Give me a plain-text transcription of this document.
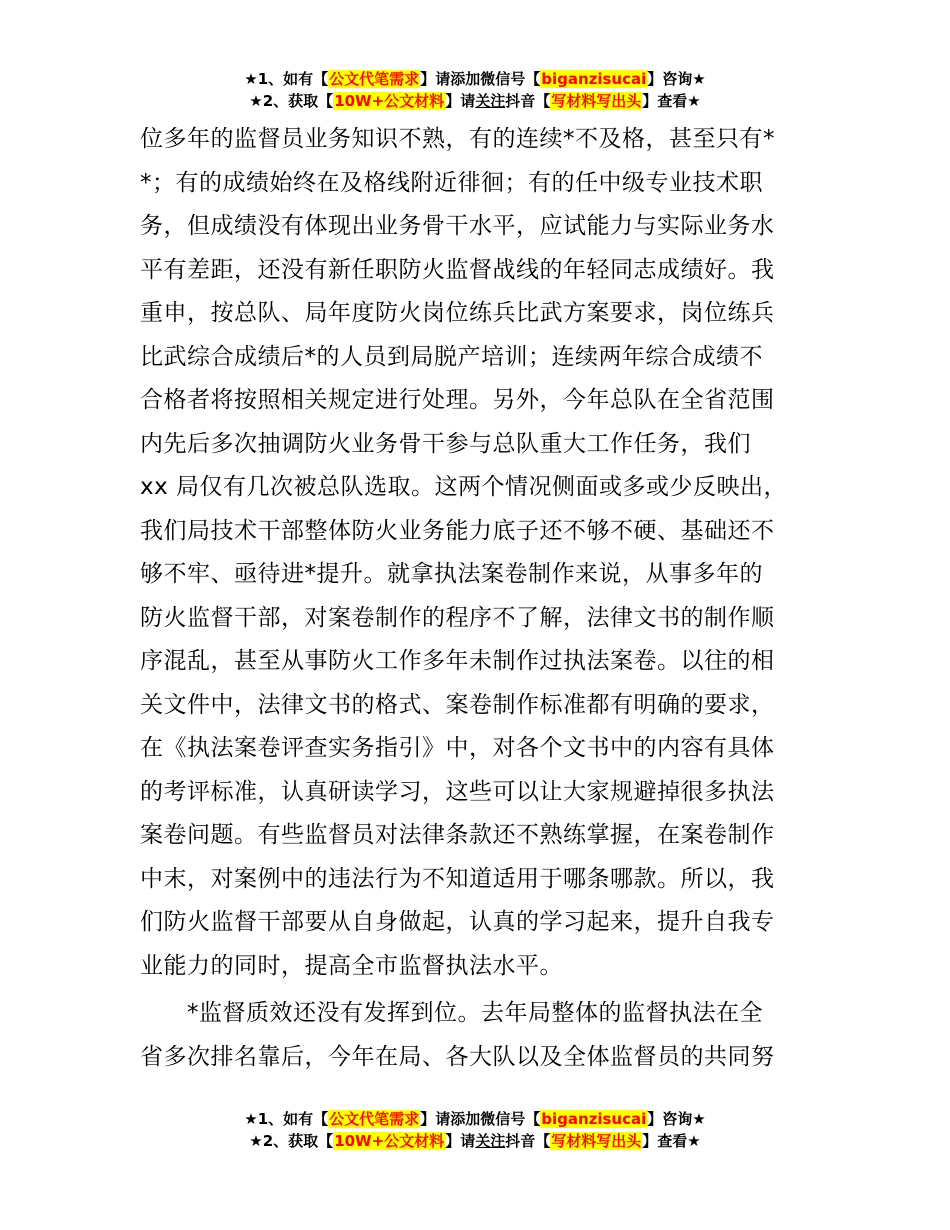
★1、如有【公文代笔需求】请添加微信号【biganzisucai】咨询★
★2、获取【10W+公文材料】请关注抖音【写材料写出头】查看★
位多年的监督员业务知识不熟，有的连续*不及格，甚至只有*
*；有的成绩始终在及格线附近徘徊；有的任中级专业技术职
务，但成绩没有体现出业务骨干水平，应试能力与实际业务水
平有差距，还没有新任职防火监督战线的年轻同志成绩好。我
重申，按总队、局年度防火岗位练兵比武方案要求，岗位练兵
比武综合成绩后*的人员到局脱产培训；连续两年综合成绩不
合格者将按照相关规定进行处理。另外，今年总队在全省范围
内先后多次抽调防火业务骨干参与总队重大工作任务，我们
xx 局仅有几次被总队选取。这两个情况侧面或多或少反映出，
我们局技术干部整体防火业务能力底子还不够不硬、基础还不
够不牢、亟待进*提升。就拿执法案卷制作来说，从事多年的
防火监督干部，对案卷制作的程序不了解，法律文书的制作顺
序混乱，甚至从事防火工作多年未制作过执法案卷。以往的相
关文件中，法律文书的格式、案卷制作标准都有明确的要求，
在《执法案卷评查实务指引》中，对各个文书中的内容有具体
的考评标准，认真研读学习，这些可以让大家规避掉很多执法
案卷问题。有些监督员对法律条款还不熟练掌握，在案卷制作
中末，对案例中的违法行为不知道适用于哪条哪款。所以，我
们防火监督干部要从自身做起，认真的学习起来，提升自我专
业能力的同时，提高全市监督执法水平。
　　*监督质效还没有发挥到位。去年局整体的监督执法在全
省多次排名靠后，今年在局、各大队以及全体监督员的共同努
★1、如有【公文代笔需求】请添加微信号【biganzisucai】咨询★
★2、获取【10W+公文材料】请关注抖音【写材料写出头】查看★
